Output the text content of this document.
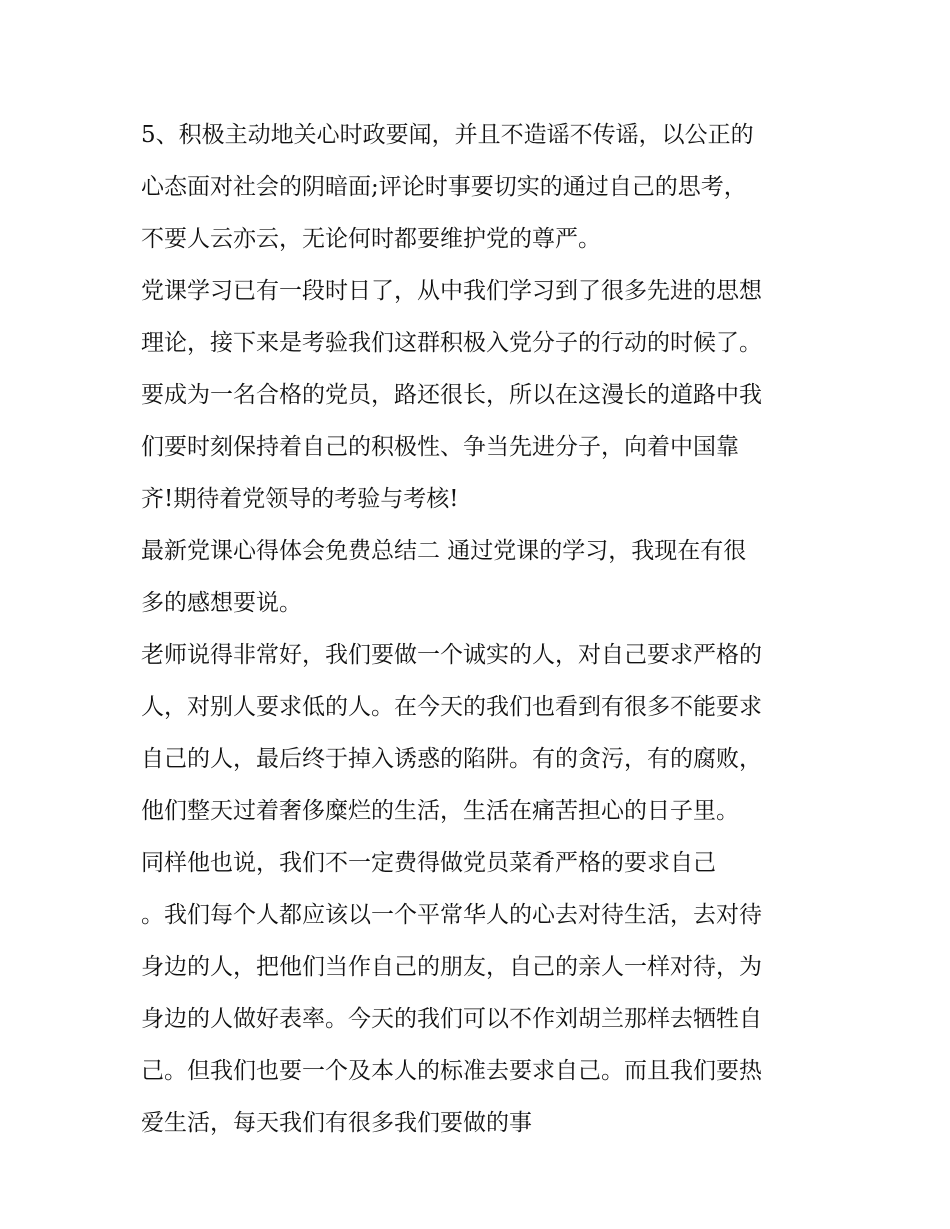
5、积极主动地关心时政要闻，并且不造谣不传谣，以公正的
心态面对社会的阴暗面;评论时事要切实的通过自己的思考，
不要人云亦云，无论何时都要维护党的尊严。
党课学习已有一段时日了，从中我们学习到了很多先进的思想
理论，接下来是考验我们这群积极入党分子的行动的时候了。
要成为一名合格的党员，路还很长，所以在这漫长的道路中我
们要时刻保持着自己的积极性、争当先进分子，向着中国靠
齐!期待着党领导的考验与考核!
最新党课心得体会免费总结二 通过党课的学习，我现在有很
多的感想要说。
老师说得非常好，我们要做一个诚实的人，对自己要求严格的
人，对别人要求低的人。在今天的我们也看到有很多不能要求
自己的人，最后终于掉入诱惑的陷阱。有的贪污，有的腐败，
他们整天过着奢侈糜烂的生活，生活在痛苦担心的日子里。
同样他也说，我们不一定费得做党员菜肴严格的要求自己
。我们每个人都应该以一个平常华人的心去对待生活，去对待
身边的人，把他们当作自己的朋友，自己的亲人一样对待，为
身边的人做好表率。今天的我们可以不作刘胡兰那样去牺牲自
己。但我们也要一个及本人的标准去要求自己。而且我们要热
爱生活，每天我们有很多我们要做的事
